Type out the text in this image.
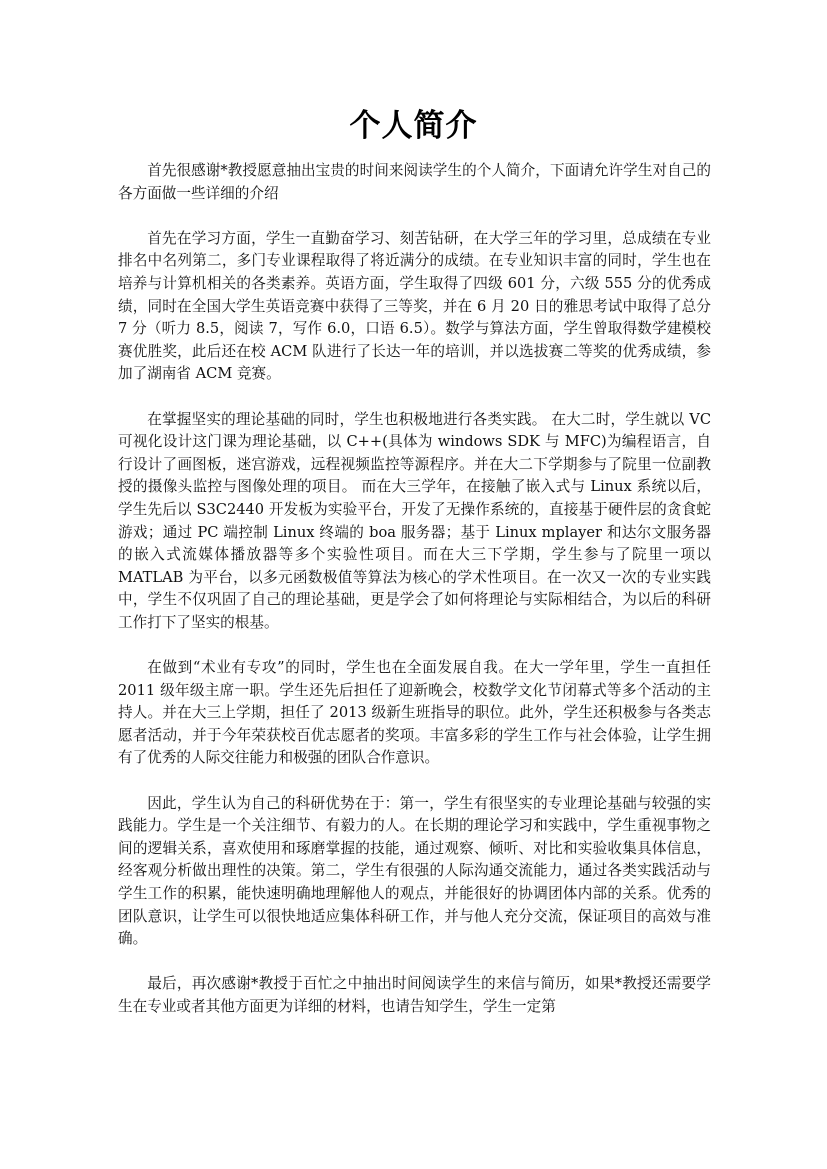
个人简介

首先很感谢*教授愿意抽出宝贵的时间来阅读学生的个人简介，下面请允许学生对自己的各方面做一些详细的介绍

首先在学习方面，学生一直勤奋学习、刻苦钻研，在大学三年的学习里，总成绩在专业排名中名列第二，多门专业课程取得了将近满分的成绩。在专业知识丰富的同时，学生也在培养与计算机相关的各类素养。英语方面，学生取得了四级 601 分，六级 555 分的优秀成绩，同时在全国大学生英语竞赛中获得了三等奖，并在 6 月 20 日的雅思考试中取得了总分 7 分（听力 8.5，阅读 7，写作 6.0，口语 6.5）。数学与算法方面，学生曾取得数学建模校赛优胜奖，此后还在校 ACM 队进行了长达一年的培训，并以选拔赛二等奖的优秀成绩，参加了湖南省 ACM 竞赛。

在掌握坚实的理论基础的同时，学生也积极地进行各类实践。 在大二时，学生就以 VC 可视化设计这门课为理论基础，以 C++(具体为 windows SDK 与 MFC)为编程语言，自行设计了画图板，迷宫游戏，远程视频监控等源程序。并在大二下学期参与了院里一位副教授的摄像头监控与图像处理的项目。 而在大三学年，在接触了嵌入式与 Linux 系统以后，学生先后以 S3C2440 开发板为实验平台，开发了无操作系统的，直接基于硬件层的贪食蛇游戏；通过 PC 端控制 Linux 终端的 boa 服务器；基于 Linux mplayer 和达尔文服务器的嵌入式流媒体播放器等多个实验性项目。而在大三下学期，学生参与了院里一项以 MATLAB 为平台，以多元函数极值等算法为核心的学术性项目。在一次又一次的专业实践中，学生不仅巩固了自己的理论基础，更是学会了如何将理论与实际相结合，为以后的科研工作打下了坚实的根基。

在做到“术业有专攻”的同时，学生也在全面发展自我。在大一学年里，学生一直担任 2011 级年级主席一职。学生还先后担任了迎新晚会，校数学文化节闭幕式等多个活动的主持人。并在大三上学期，担任了 2013 级新生班指导的职位。此外，学生还积极参与各类志愿者活动，并于今年荣获校百优志愿者的奖项。丰富多彩的学生工作与社会体验，让学生拥有了优秀的人际交往能力和极强的团队合作意识。

因此，学生认为自己的科研优势在于：第一，学生有很坚实的专业理论基础与较强的实践能力。学生是一个关注细节、有毅力的人。在长期的理论学习和实践中，学生重视事物之间的逻辑关系，喜欢使用和琢磨掌握的技能，通过观察、倾听、对比和实验收集具体信息，经客观分析做出理性的决策。第二，学生有很强的人际沟通交流能力，通过各类实践活动与学生工作的积累，能快速明确地理解他人的观点，并能很好的协调团体内部的关系。优秀的团队意识，让学生可以很快地适应集体科研工作，并与他人充分交流，保证项目的高效与准确。

最后，再次感谢*教授于百忙之中抽出时间阅读学生的来信与简历，如果*教授还需要学生在专业或者其他方面更为详细的材料，也请告知学生，学生一定第
